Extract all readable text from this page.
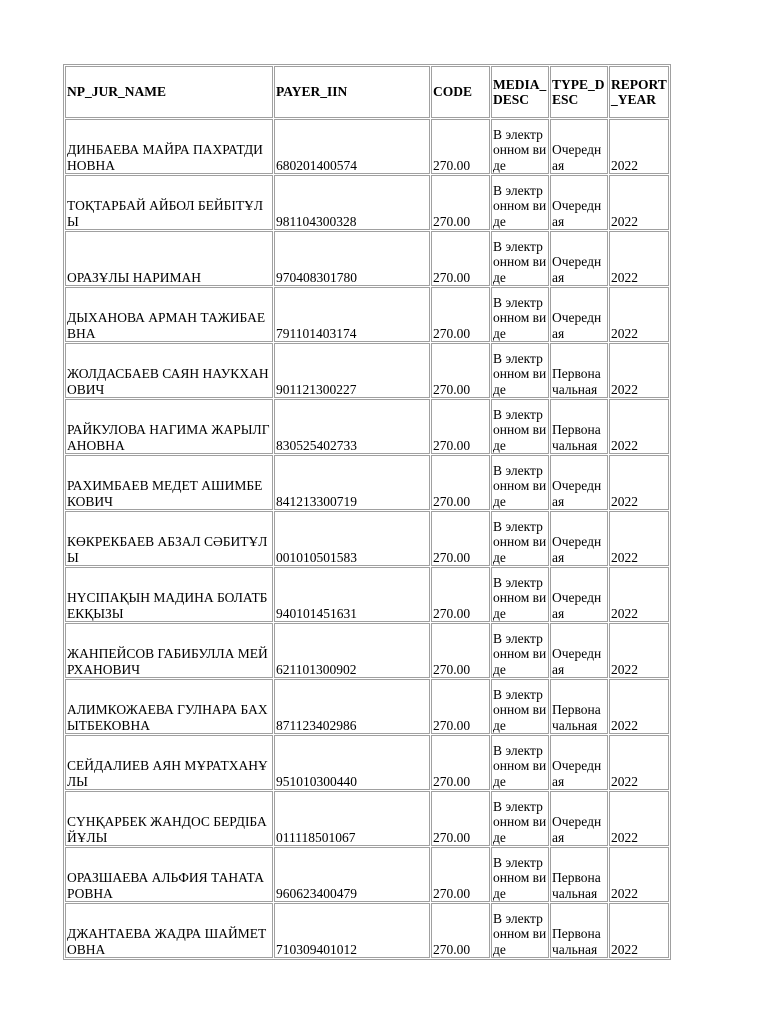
NP_JUR_NAME	PAYER_IIN	CODE	MEDIA_DESC	TYPE_DESC	REPORT_YEAR
ДИНБАЕВА МАЙРА ПАХРАТДИНОВНА	680201400574	270.00	В электронном виде	Очередная	2022
ТОҚТАРБАЙ АЙБОЛ БЕЙБІТҰЛЫ	981104300328	270.00	В электронном виде	Очередная	2022
ОРАЗҰЛЫ НАРИМАН	970408301780	270.00	В электронном виде	Очередная	2022
ДЫХАНОВА АРМАН ТАЖИБАЕВНА	791101403174	270.00	В электронном виде	Очередная	2022
ЖОЛДАСБАЕВ САЯН НАУКХАНОВИЧ	901121300227	270.00	В электронном виде	Первоначальная	2022
РАЙКУЛОВА НАГИМА ЖАРЫЛГАНОВНА	830525402733	270.00	В электронном виде	Первоначальная	2022
РАХИМБАЕВ МЕДЕТ АШИМБЕКОВИЧ	841213300719	270.00	В электронном виде	Очередная	2022
КӨКРЕКБАЕВ АБЗАЛ СӘБИТҰЛЫ	001010501583	270.00	В электронном виде	Очередная	2022
НҮСІПАҚЫН МАДИНА БОЛАТБЕКҚЫЗЫ	940101451631	270.00	В электронном виде	Очередная	2022
ЖАНПЕЙСОВ ГАБИБУЛЛА МЕЙРХАНОВИЧ	621101300902	270.00	В электронном виде	Очередная	2022
АЛИМКОЖАЕВА ГУЛНАРА БАХЫТБЕКОВНА	871123402986	270.00	В электронном виде	Первоначальная	2022
СЕЙДАЛИЕВ АЯН МҰРАТХАНҰЛЫ	951010300440	270.00	В электронном виде	Очередная	2022
СҮНҚАРБЕК ЖАНДОС БЕРДІБАЙҰЛЫ	011118501067	270.00	В электронном виде	Очередная	2022
ОРАЗШАЕВА АЛЬФИЯ ТАНАТАРОВНА	960623400479	270.00	В электронном виде	Первоначальная	2022
ДЖАНТАЕВА ЖАДРА ШАЙМЕТОВНА	710309401012	270.00	В электронном виде	Первоначальная	2022
